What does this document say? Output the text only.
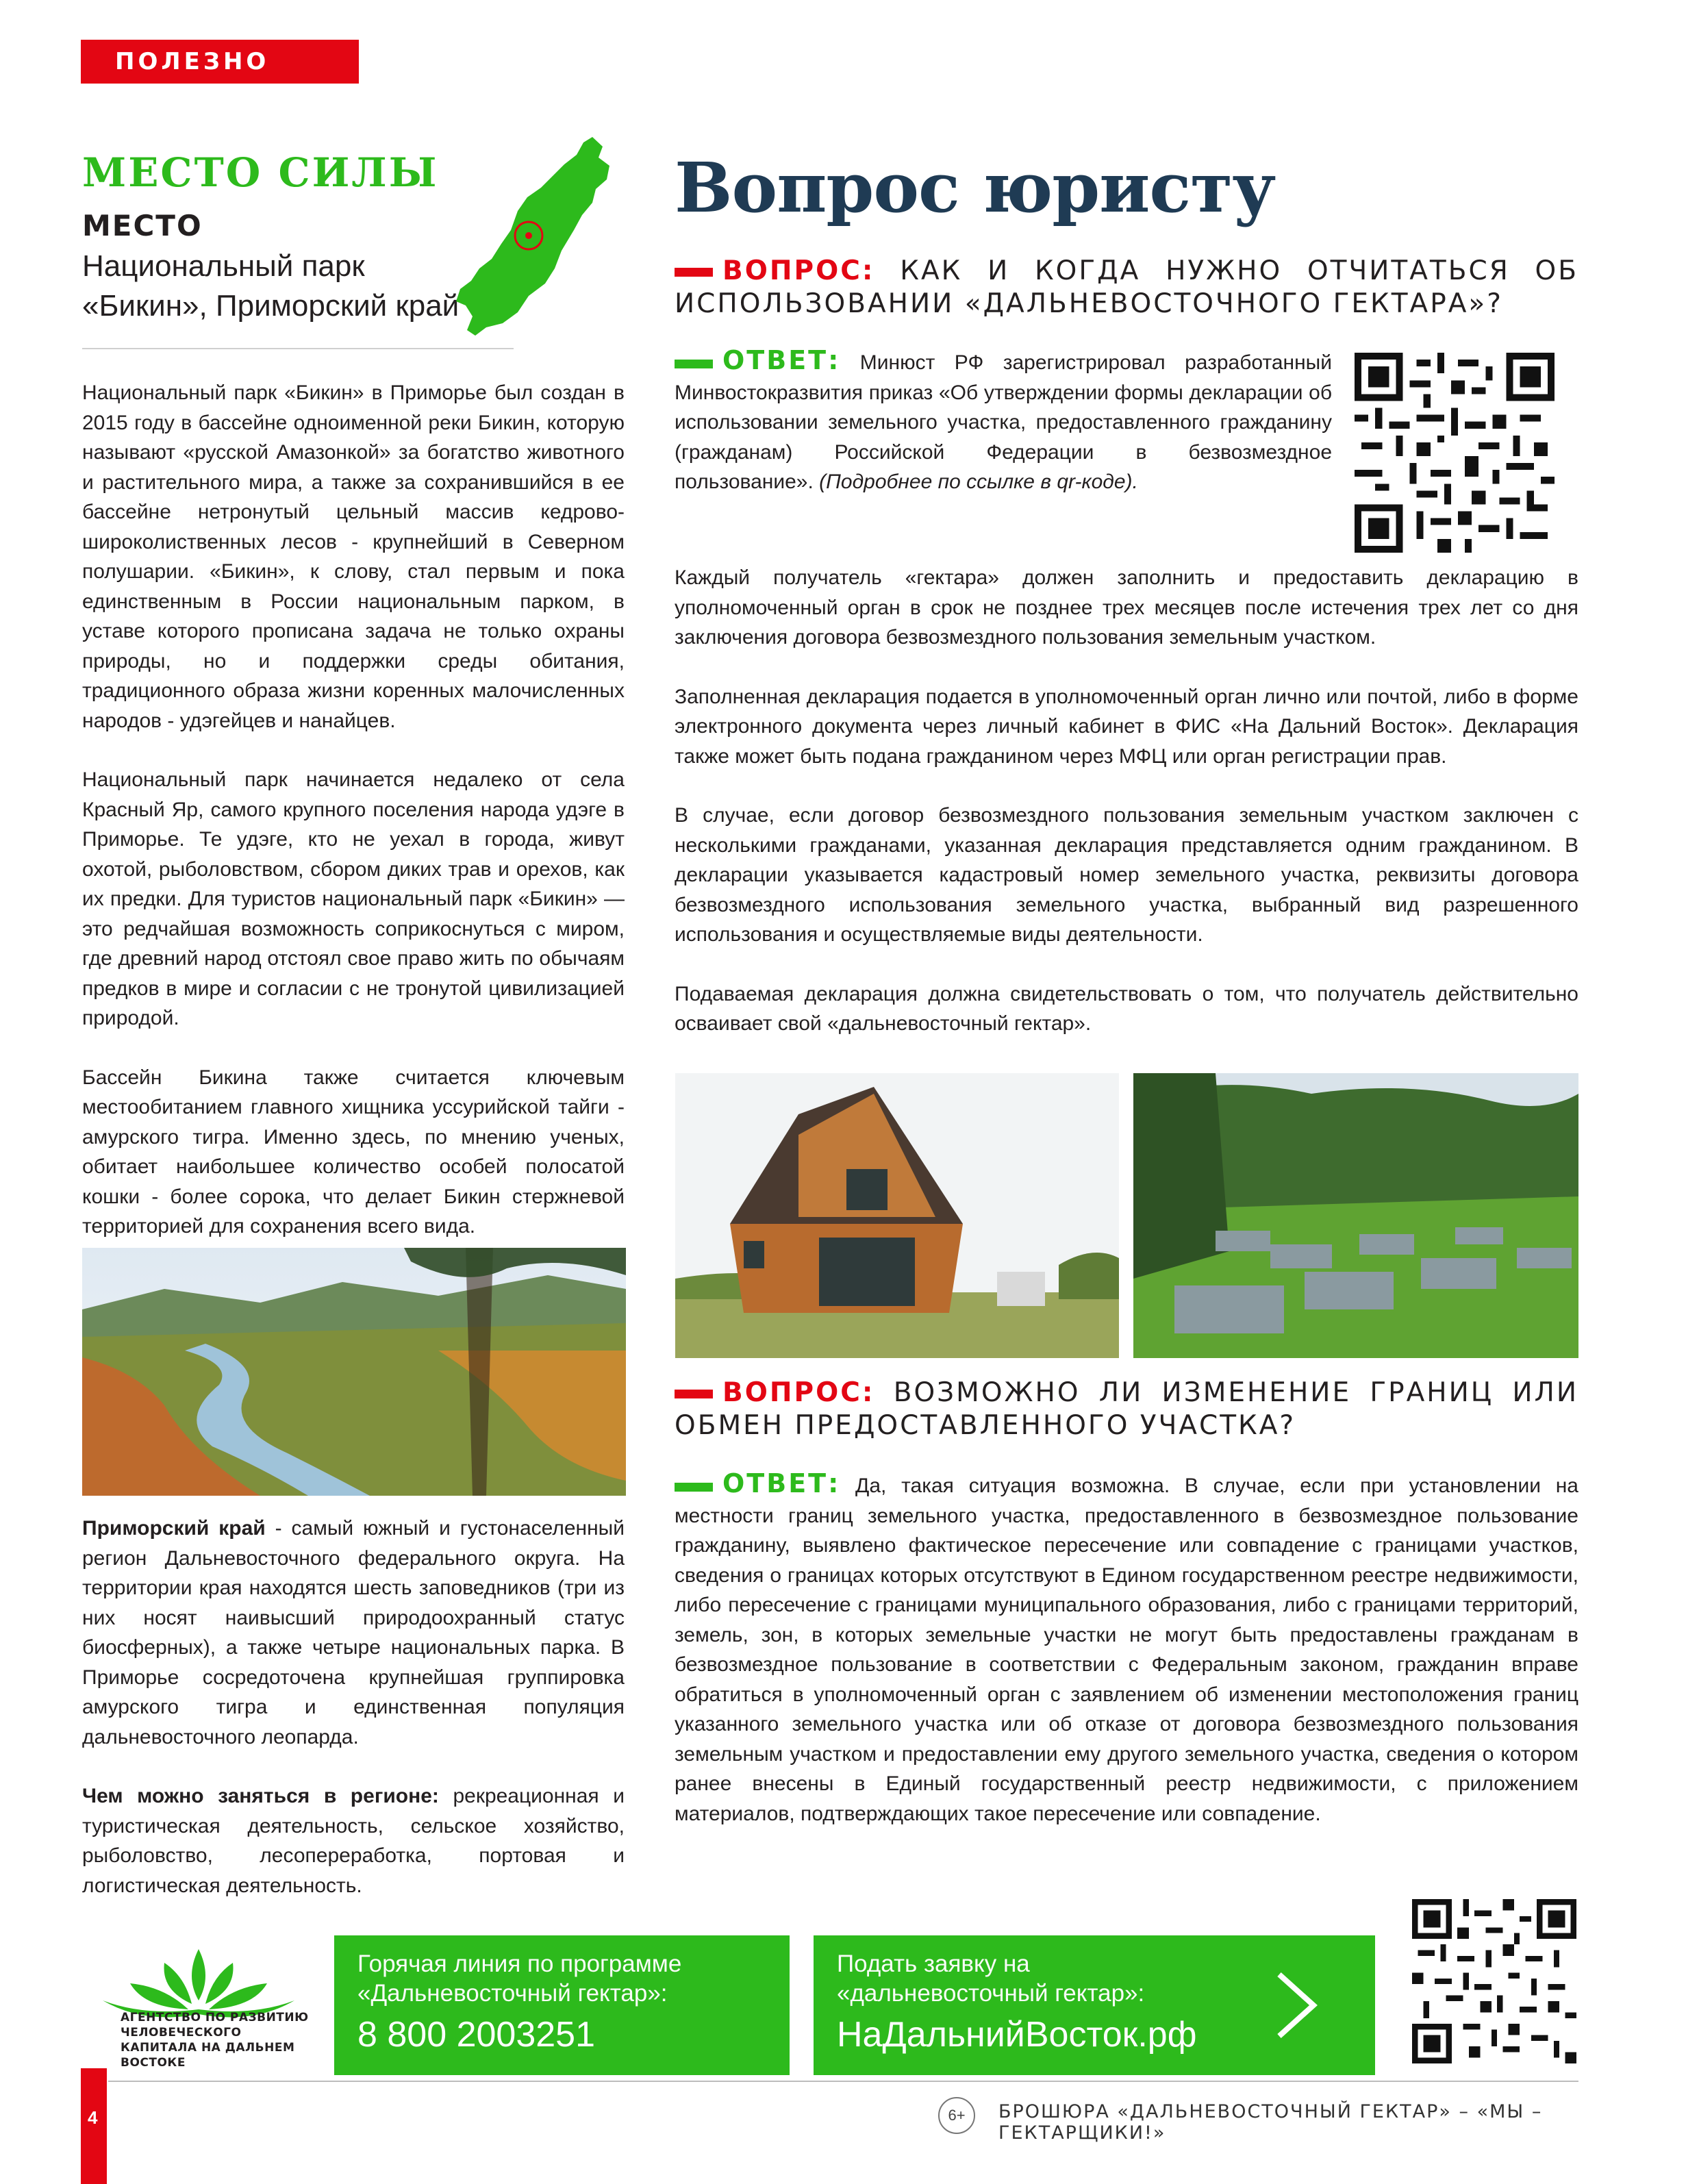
ПОЛЕЗНО ЗНАТЬ
МЕСТО СИЛЫ
МЕСТО
Национальный парк
«Бикин», Приморский край

Национальный парк «Бикин» в Приморье был создан в 2015 году в бассейне одноименной реки Бикин, которую называют «русской Амазонкой» за богатство животного и растительного мира, а также за сохранившийся в ее бассейне нетронутый цельный массив кедрово-широколиственных лесов - крупнейший в Северном полушарии. «Бикин», к слову, стал первым и пока единственным в России национальным парком, в уставе которого прописана задача не только охраны природы, но и поддержки среды обитания, традиционного образа жизни коренных малочисленных народов - удэгейцев и нанайцев.

Национальный парк начинается недалеко от села Красный Яр, самого крупного поселения народа удэге в Приморье. Те удэге, кто не уехал в города, живут охотой, рыболовством, сбором диких трав и орехов, как их предки. Для туристов национальный парк «Бикин» — это редчайшая возможность соприкоснуться с миром, где древний народ отстоял свое право жить по обычаям предков в мире и согласии с не тронутой цивилизацией природой.

Бассейн Бикина также считается ключевым местообитанием главного хищника уссурийской тайги - амурского тигра. Именно здесь, по мнению ученых, обитает наибольшее количество особей полосатой кошки - более сорока, что делает Бикин стержневой территорией для сохранения всего вида.

Приморский край - самый южный и густонаселенный регион Дальневосточного федерального округа. На территории края находятся шесть заповедников (три из них носят наивысший природоохранный статус биосферных), а также четыре национальных парка. В Приморье сосредоточена крупнейшая группировка амурского тигра и единственная популяция дальневосточного леопарда.

Чем можно заняться в регионе: рекреационная и туристическая деятельность, сельское хозяйство, рыболовство, лесопереработка, портовая и логистическая деятельность.

Вопрос юристу
ВОПРОС: КАК И КОГДА НУЖНО ОТЧИТАТЬСЯ ОБ ИСПОЛЬЗОВАНИИ «ДАЛЬНЕВОСТОЧНОГО ГЕКТАРА»?
ОТВЕТ: Минюст РФ зарегистрировал разработанный Минвостокразвития приказ «Об утверждении формы декларации об использовании земельного участка, предоставленного гражданину (гражданам) Российской Федерации в безвозмездное пользование». (Подробнее по ссылке в qr-коде).

Каждый получатель «гектара» должен заполнить и предоставить декларацию в уполномоченный орган в срок не позднее трех месяцев после истечения трех лет со дня заключения договора безвозмездного пользования земельным участком.

Заполненная декларация подается в уполномоченный орган лично или почтой, либо в форме электронного документа через личный кабинет в ФИС «На Дальний Восток». Декларация также может быть подана гражданином через МФЦ или орган регистрации прав.

В случае, если договор безвозмездного пользования земельным участком заключен с несколькими гражданами, указанная декларация представляется одним гражданином. В декларации указывается кадастровый номер земельного участка, реквизиты договора безвозмездного использования земельного участка, выбранный вид разрешенного использования и осуществляемые виды деятельности.

Подаваемая декларация должна свидетельствовать о том, что получатель действительно осваивает свой «дальневосточный гектар».

ВОПРОС: ВОЗМОЖНО ЛИ ИЗМЕНЕНИЕ ГРАНИЦ ИЛИ ОБМЕН ПРЕДОСТАВЛЕННОГО УЧАСТКА?

ОТВЕТ: Да, такая ситуация возможна. В случае, если при установлении на местности границ земельного участка, предоставленного в безвозмездное пользование гражданину, выявлено фактическое пересечение или совпадение с границами участков, сведения о границах которых отсутствуют в Едином государственном реестре недвижимости, либо пересечение с границами муниципального образования, либо с границами территорий, земель, зон, в которых земельные участки не могут быть предоставлены гражданам в безвозмездное пользование в соответствии с Федеральным законом, гражданин вправе обратиться в уполномоченный орган с заявлением об изменении местоположения границ указанного земельного участка или об отказе от договора безвозмездного пользования земельным участком и предоставлении ему другого земельного участка, сведения о котором ранее внесены в Единый государственный реестр недвижимости, с приложением материалов, подтверждающих такое пересечение или совпадение.

АГЕНТСТВО ПО РАЗВИТИЮ ЧЕЛОВЕЧЕСКОГО КАПИТАЛА НА ДАЛЬНЕМ ВОСТОКЕ
Горячая линия по программе
«Дальневосточный гектар»:
8 800 2003251
Подать заявку на
«дальневосточный гектар»:
НаДальнийВосток.рф
4	6+	БРОШЮРА «ДАЛЬНЕВОСТОЧНЫЙ ГЕКТАР» – «МЫ – ГЕКТАРЩИКИ!»
